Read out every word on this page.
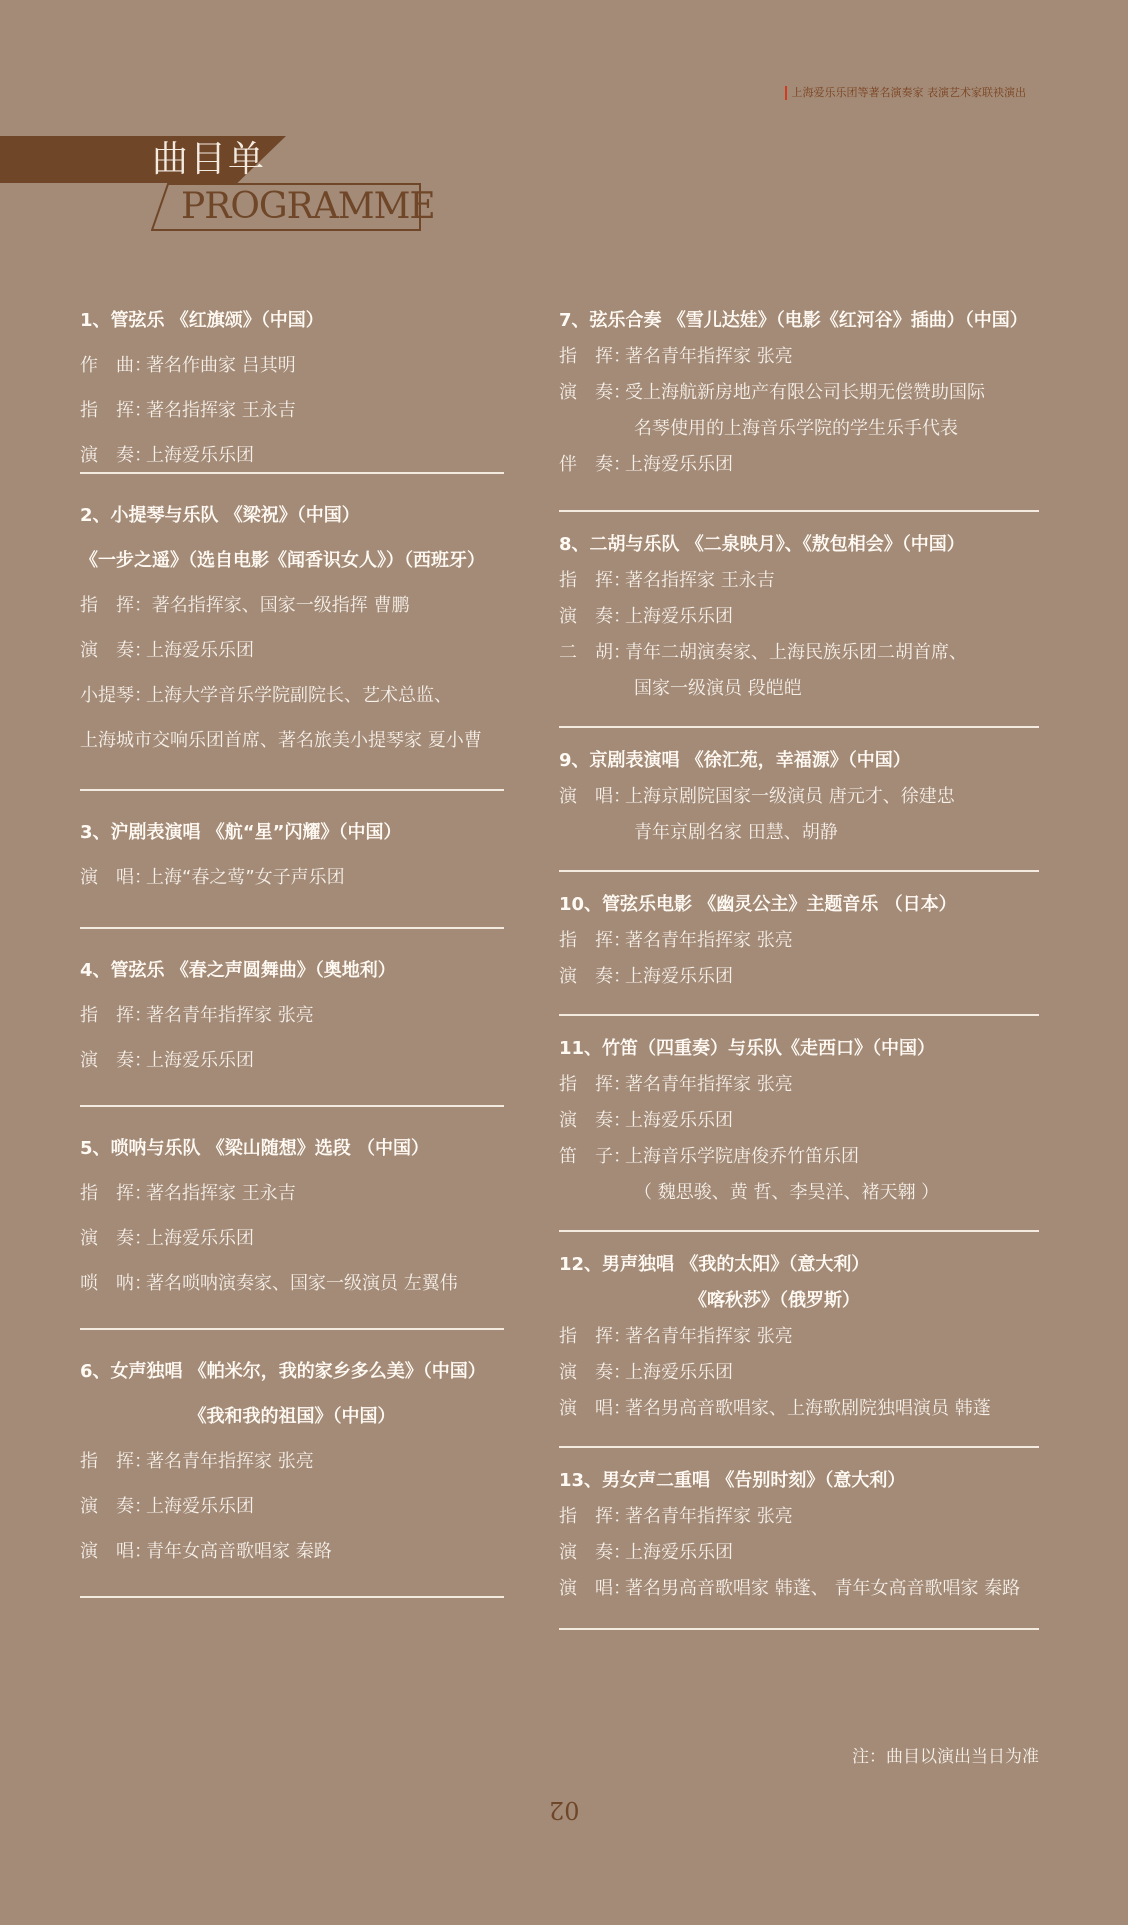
上海爱乐乐团等著名演奏家 表演艺术家联袂演出
曲目单
PROGRAMME
1、管弦乐 《红旗颂》（中国）
作　曲：著名作曲家 吕其明
指　挥：著名指挥家 王永吉
演　奏：上海爱乐乐团
2、小提琴与乐队 《梁祝》（中国）
《一步之遥》（选自电影《闻香识女人》）（西班牙）
指　挥： 著名指挥家、国家一级指挥 曹鹏
演　奏：上海爱乐乐团
小提琴：上海大学音乐学院副院长、艺术总监、
上海城市交响乐团首席、著名旅美小提琴家 夏小曹
3、沪剧表演唱 《航“星”闪耀》（中国）
演　唱：上海“春之莺”女子声乐团
4、管弦乐 《春之声圆舞曲》（奥地利）
指　挥：著名青年指挥家 张亮
演　奏：上海爱乐乐团
5、唢呐与乐队 《梁山随想》选段 （中国）
指　挥：著名指挥家 王永吉
演　奏：上海爱乐乐团
唢　呐：著名唢呐演奏家、国家一级演员 左翼伟
6、女声独唱 《帕米尔，我的家乡多么美》（中国）
《我和我的祖国》（中国）
指　挥：著名青年指挥家 张亮
演　奏：上海爱乐乐团
演　唱：青年女高音歌唱家 秦路
7、弦乐合奏 《雪儿达娃》（电影《红河谷》插曲）（中国）
指　挥：著名青年指挥家 张亮
演　奏：受上海航新房地产有限公司长期无偿赞助国际
名琴使用的上海音乐学院的学生乐手代表
伴　奏：上海爱乐乐团
8、二胡与乐队 《二泉映月》、《敖包相会》（中国）
指　挥：著名指挥家 王永吉
演　奏：上海爱乐乐团
二　胡：青年二胡演奏家、上海民族乐团二胡首席、
国家一级演员 段皑皑
9、京剧表演唱 《徐汇苑，幸福源》（中国）
演　唱：上海京剧院国家一级演员 唐元才、徐建忠
青年京剧名家 田慧、胡静
10、管弦乐电影 《幽灵公主》主题音乐 （日本）
指　挥：著名青年指挥家 张亮
演　奏：上海爱乐乐团
11、竹笛（四重奏）与乐队《走西口》（中国）
指　挥：著名青年指挥家 张亮
演　奏：上海爱乐乐团
笛　子：上海音乐学院唐俊乔竹笛乐团
（ 魏思骏、黄 哲、李昊洋、褚天翱 ）
12、男声独唱 《我的太阳》（意大利）
《喀秋莎》（俄罗斯）
指　挥：著名青年指挥家 张亮
演　奏：上海爱乐乐团
演　唱：著名男高音歌唱家、上海歌剧院独唱演员 韩蓬
13、男女声二重唱 《告别时刻》（意大利）
指　挥：著名青年指挥家 张亮
演　奏：上海爱乐乐团
演　唱：著名男高音歌唱家 韩蓬、 青年女高音歌唱家 秦路
注：曲目以演出当日为准
02
